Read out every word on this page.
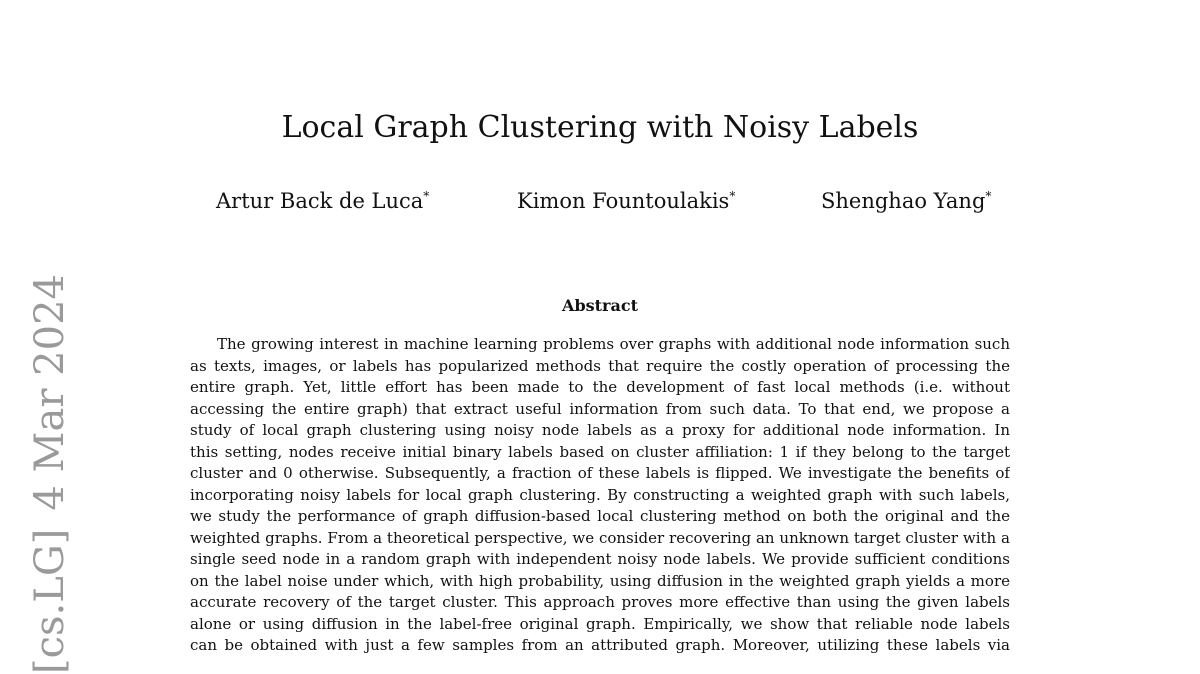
[cs.LG]4 Mar 2024
Local Graph Clustering with Noisy Labels
Artur Back de Luca*	Kimon Fountoulakis*	Shenghao Yang*
Abstract
The growing interest in machine learning problems over graphs with additional node information such
as texts, images, or labels has popularized methods that require the costly operation of processing the
entire graph. Yet, little effort has been made to the development of fast local methods (i.e. without
accessing the entire graph) that extract useful information from such data. To that end, we propose a
study of local graph clustering using noisy node labels as a proxy for additional node information. In
this setting, nodes receive initial binary labels based on cluster affiliation: 1 if they belong to the target
cluster and 0 otherwise. Subsequently, a fraction of these labels is flipped. We investigate the benefits of
incorporating noisy labels for local graph clustering. By constructing a weighted graph with such labels,
we study the performance of graph diffusion-based local clustering method on both the original and the
weighted graphs. From a theoretical perspective, we consider recovering an unknown target cluster with a
single seed node in a random graph with independent noisy node labels. We provide sufficient conditions
on the label noise under which, with high probability, using diffusion in the weighted graph yields a more
accurate recovery of the target cluster. This approach proves more effective than using the given labels
alone or using diffusion in the label-free original graph. Empirically, we show that reliable node labels
can be obtained with just a few samples from an attributed graph. Moreover, utilizing these labels via
